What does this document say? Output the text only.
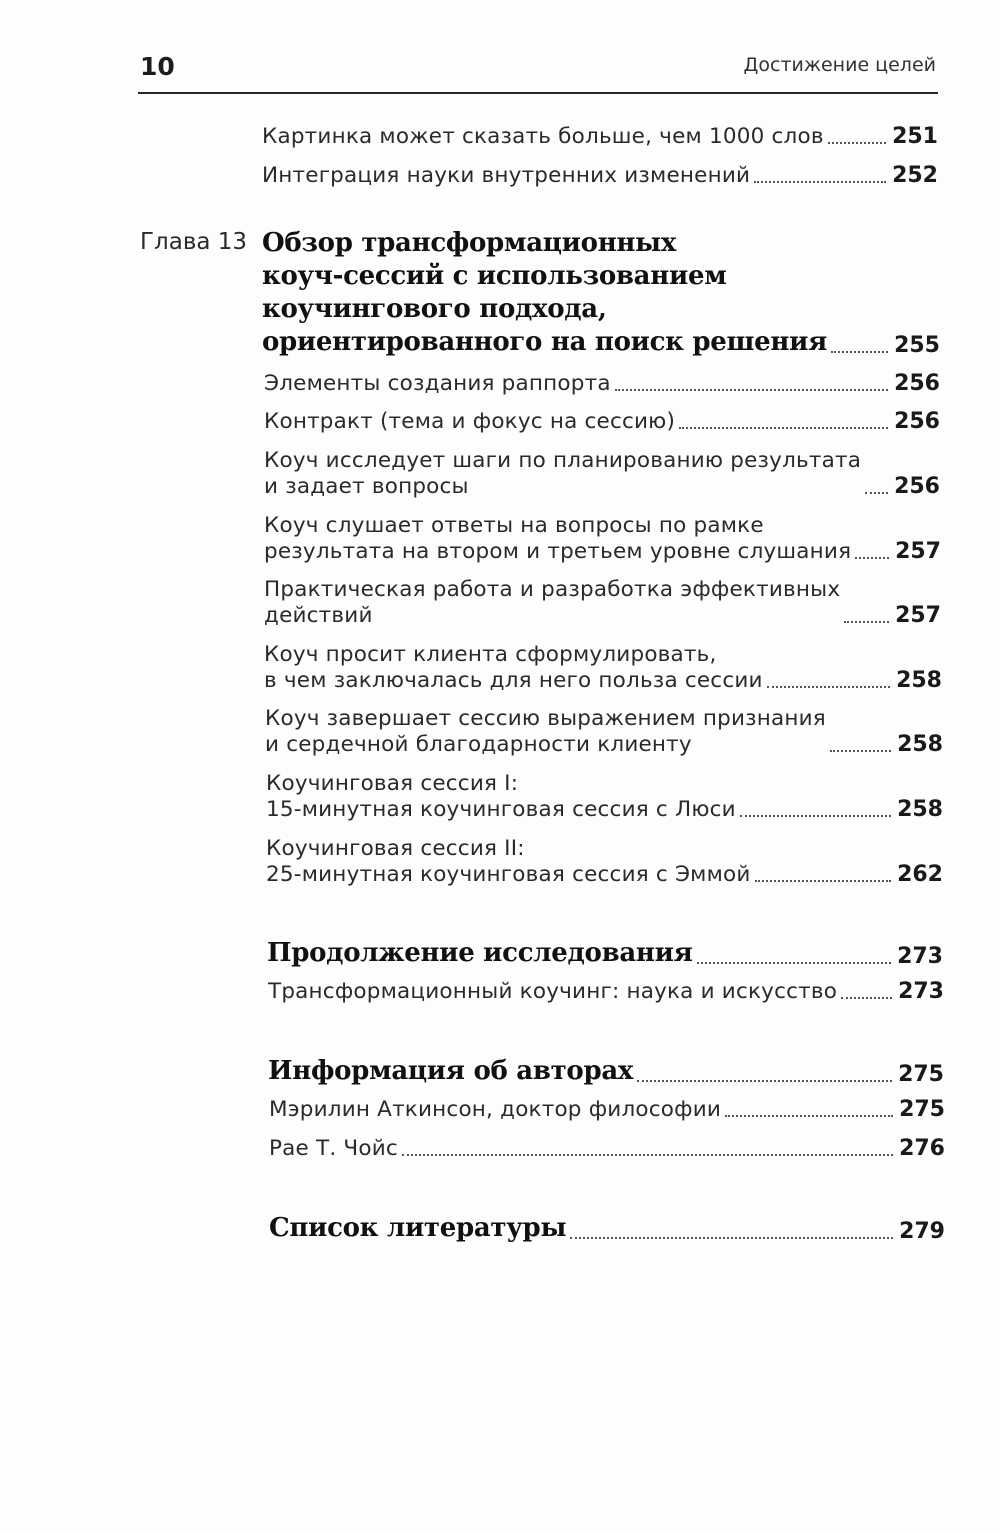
10	Достижение целей
Картинка может сказать больше, чем 1000 слов	251
Интеграция науки внутренних изменений	252
Глава 13 Обзор трансформационных
коуч-сессий с использованием
коучингового подхода,
ориентированного на поиск решения	255
Элементы создания раппорта	256
Контракт (тема и фокус на сессию)	256
Коуч исследует шаги по планированию результата
и задает вопросы	256
Коуч слушает ответы на вопросы по рамке
результата на втором и третьем уровне слушания 257
Практическая работа и разработка эффективных
действий	257
Коуч просит клиента сформулировать,
в чем заключалась для него польза сессии	258
Коуч завершает сессию выражением признания
и сердечной благодарности клиенту	258
Коучинговая сессия I:
15-минутная коучинговая сессия с Люси	258
Коучинговая сессия II:
25-минутная коучинговая сессия с Эммой	262
Продолжение исследования	273
Трансформационный коучинг: наука и искусство	273
Информация об авторах	275
Мэрилин Аткинсон, доктор философии	275
Рае Т. Чойс	276
Список литературы	279
